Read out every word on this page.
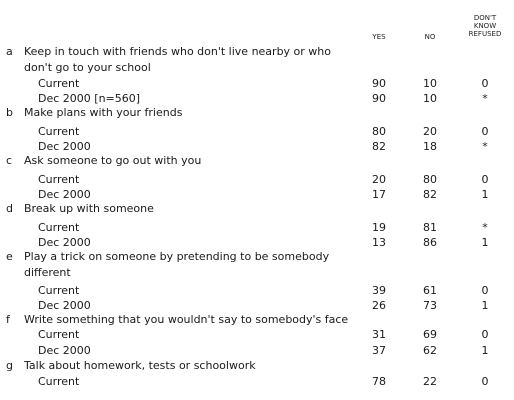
YES	NO
DON'T
KNOW
REFUSED
a Keep in touch with friends who don't live nearby or who don't go to your school
Current	90	10	0
Dec 2000 [n=560]	90	10	*
b Make plans with your friends
Current	80	20	0
Dec 2000	82	18	*
c Ask someone to go out with you
Current	20	80	0
Dec 2000	17	82	1
d Break up with someone
Current	19	81	*
Dec 2000	13	86	1
e Play a trick on someone by pretending to be somebody different
Current	39	61	0
Dec 2000	26	73	1
f Write something that you wouldn't say to somebody's face
Current	31	69	0
Dec 2000	37	62	1
g Talk about homework, tests or schoolwork
Current	78	22	0
